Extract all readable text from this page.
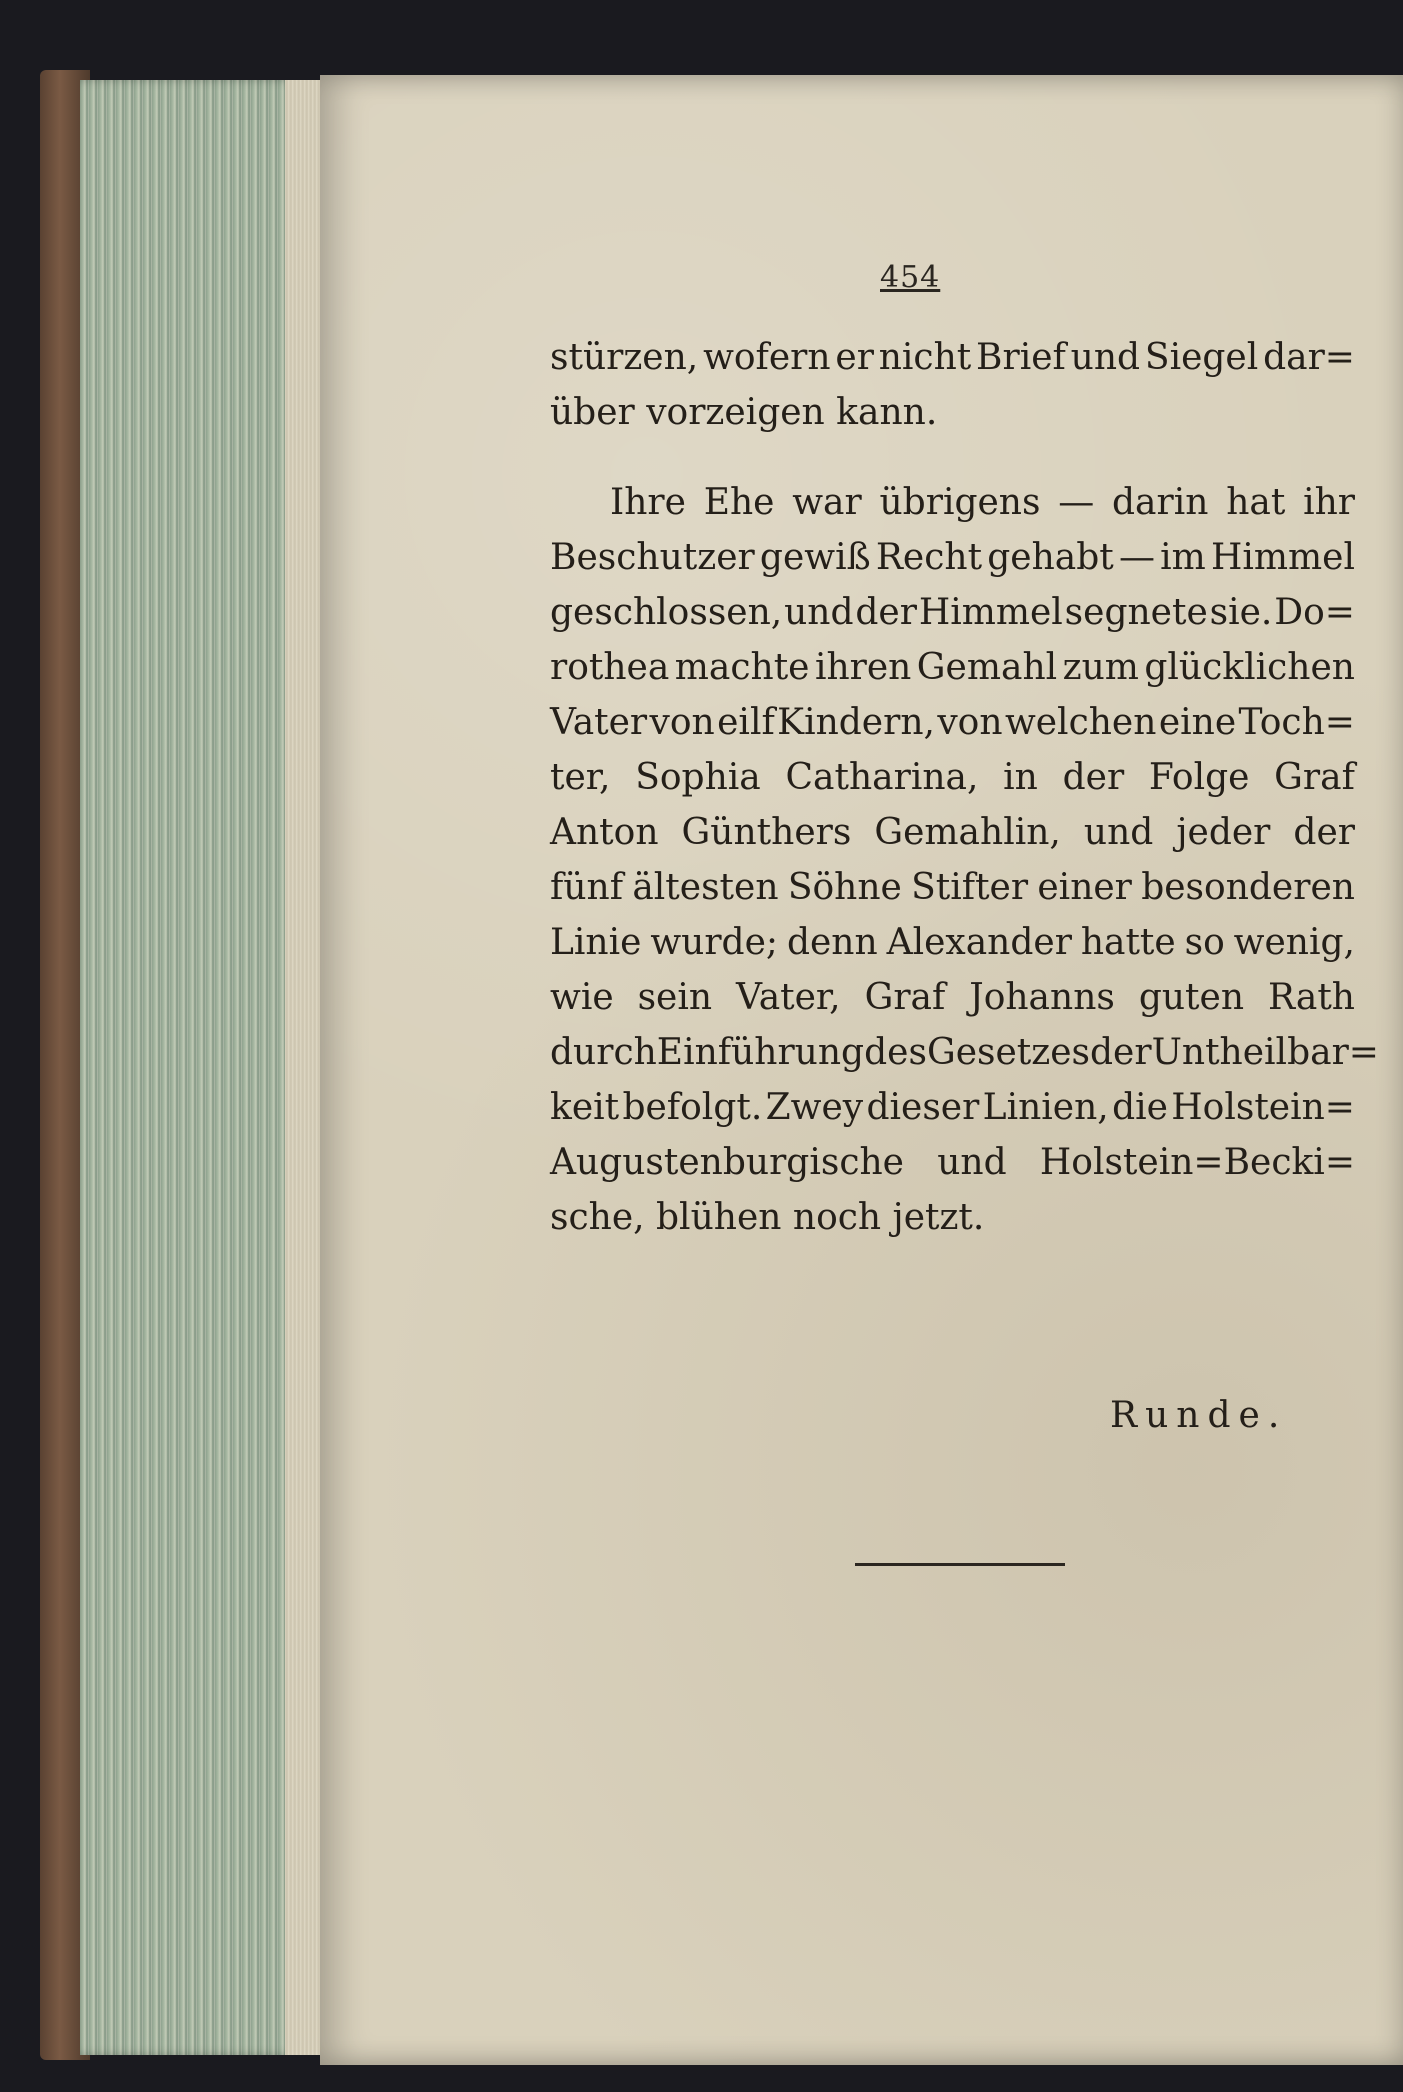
454
stürzen, wofern er nicht Brief und Siegel dar=
über vorzeigen kann.
Ihre Ehe war übrigens — darin hat ihr
Beschutzer gewiß Recht gehabt — im Himmel
geschlossen, und der Himmel segnete sie. Do=
rothea machte ihren Gemahl zum glücklichen
Vater von eilf Kindern, von welchen eine Toch=
ter, Sophia Catharina, in der Folge Graf
Anton Günthers Gemahlin, und jeder der
fünf ältesten Söhne Stifter einer besonderen
Linie wurde; denn Alexander hatte so wenig,
wie sein Vater, Graf Johanns guten Rath
durch Einführung des Gesetzes der Untheilbar=
keit befolgt. Zwey dieser Linien, die Holstein=
Augustenburgische und Holstein=Becki=
sche, blühen noch jetzt.
Runde.
